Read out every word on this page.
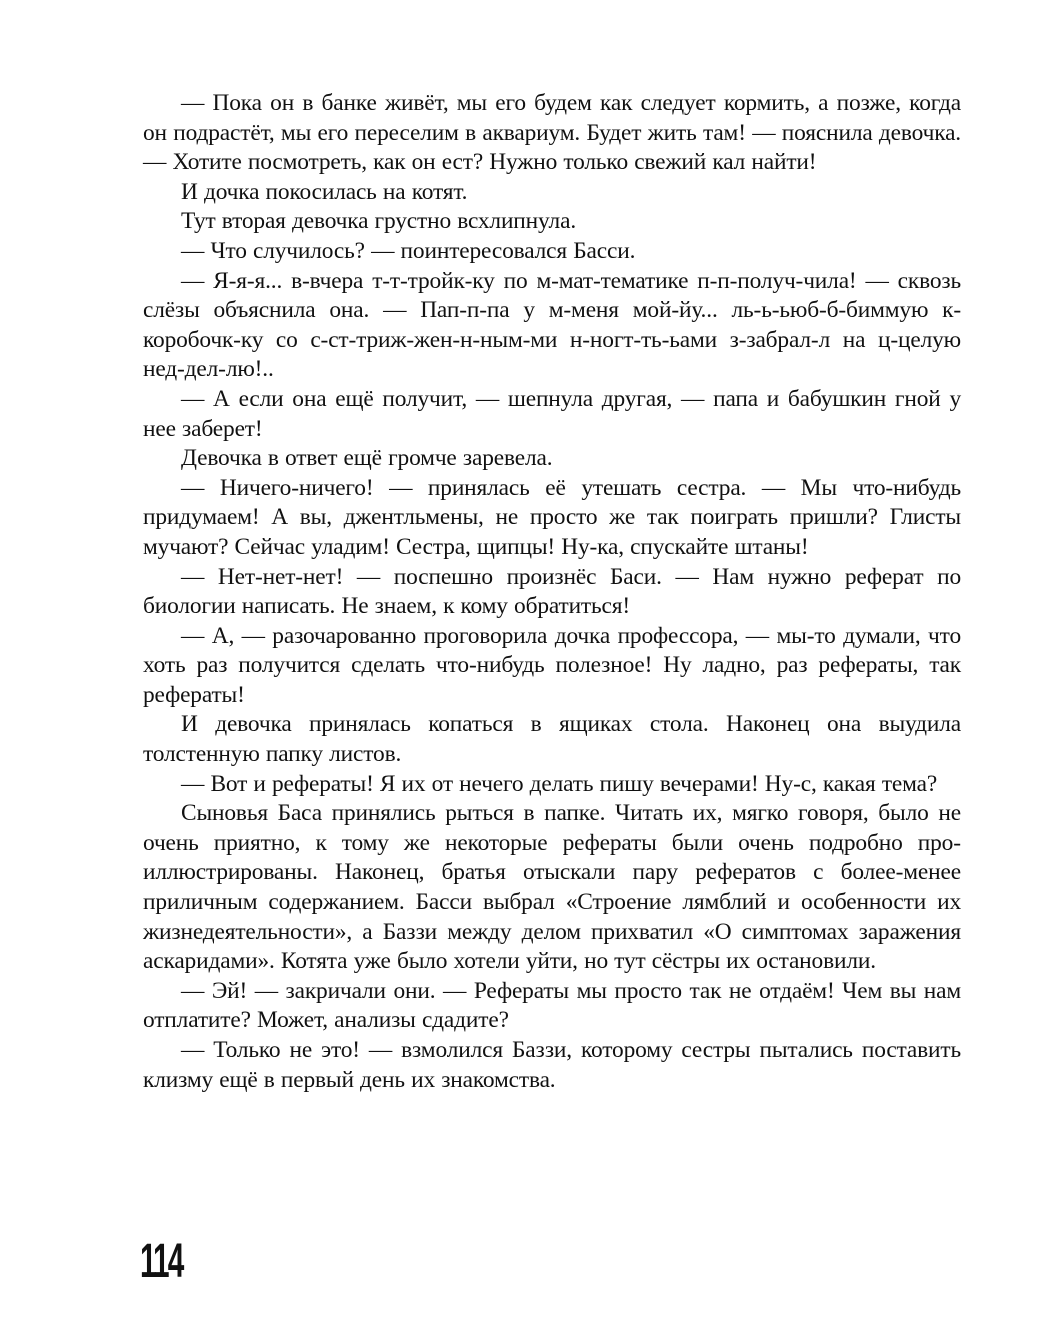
— Пока он в банке живёт, мы его будем как следует кормить, а позже, когда он подрастёт, мы его переселим в аквариум. Будет жить там! — пояснила девочка. — Хотите посмотреть, как он ест? Нужно только свежий кал найти!

И дочка покосилась на котят.

Тут вторая девочка грустно всхлипнула.

— Что случилось? — поинтересовался Басси.

— Я-я-я... в-вчера т-т-тройк-ку по м-мат-тематике п-п-получ-чила! — сквозь слёзы объяснила она. — Пап-п-па у м-меня мой-йу... ль-ь-ьюб-б-биммую к-коробочк-ку со с-ст-триж-жен-н-ным-ми н-ногт-ть-ьами з-забрал-л на ц-целую нед-дел-лю!..

— А если она ещё получит, — шепнула другая, — папа и бабушкин гной у нее заберет!

Девочка в ответ ещё громче заревела.

— Ничего-ничего! — принялась её утешать сестра. — Мы что-нибудь придумаем! А вы, джентльмены, не просто же так поиграть пришли? Глисты мучают? Сейчас уладим! Сестра, щипцы! Ну-ка, спускайте штаны!

— Нет-нет-нет! — поспешно произнёс Баси. — Нам нужно реферат по биологии написать. Не знаем, к кому обратиться!

— А, — разочарованно проговорила дочка профессора, — мы-то думали, что хоть раз получится сделать что-нибудь полезное! Ну ладно, раз рефераты, так рефераты!

И девочка принялась копаться в ящиках стола. Наконец она выудила толстенную папку листов.

— Вот и рефераты! Я их от нечего делать пишу вечерами! Ну-с, какая тема?

Сыновья Баса принялись рыться в папке. Читать их, мягко говоря, было не очень приятно, к тому же некоторые рефераты были очень подробно проиллюстрированы. Наконец, братья отыскали пару рефератов с более-менее приличным содержанием. Басси выбрал «Строение лямблий и особенности их жизнедеятельности», а Баззи между делом прихватил «О симптомах заражения аскаридами». Котята уже было хотели уйти, но тут сёстры их остановили.

— Эй! — закричали они. — Рефераты мы просто так не отдаём! Чем вы нам отплатите? Может, анализы сдадите?

— Только не это! — взмолился Баззи, которому сестры пытались поставить клизму ещё в первый день их знакомства.

114
